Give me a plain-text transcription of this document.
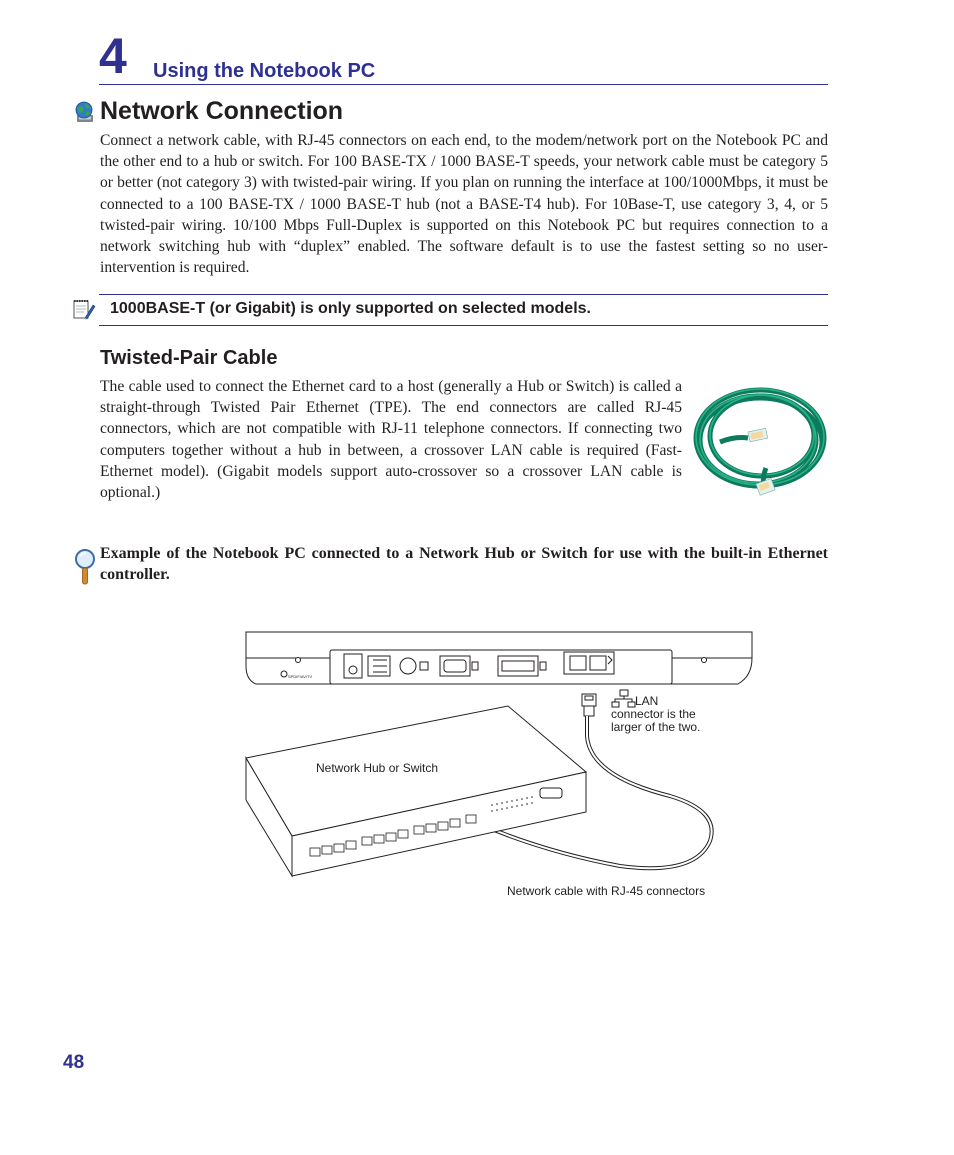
4 Using the Notebook PC
Network Connection
Connect a network cable, with RJ-45 connectors on each end, to the modem/network port on the Notebook PC and the other end to a hub or switch. For 100 BASE-TX / 1000 BASE-T speeds, your network cable must be category 5 or better (not category 3) with twisted-pair wiring. If you plan on running the interface at 100/1000Mbps, it must be connected to a 100 BASE-TX / 1000 BASE-T hub (not a BASE-T4 hub). For 10Base-T, use category 3, 4, or 5 twisted-pair wiring. 10/100 Mbps Full-Duplex is supported on this Notebook PC but requires connection to a network switching hub with “duplex” enabled. The software default is to use the fastest setting so no user-intervention is required.
1000BASE-T (or Gigabit) is only supported on selected models.
Twisted-Pair Cable
The cable used to connect the Ethernet card to a host (generally a Hub or Switch) is called a straight-through Twisted Pair Ethernet (TPE). The end connectors are called RJ-45 connectors, which are not compatible with RJ-11 telephone connectors. If connecting two computers together without a hub in between, a crossover LAN cable is required (Fast-Ethernet model). (Gigabit models support auto-crossover so a crossover LAN cable is optional.)
Example of the Notebook PC connected to a Network Hub or Switch for use with the built-in Ethernet controller.
SPDIF/AV/TV
LAN
connector is the
larger of the two.
Network Hub or Switch
Network cable with RJ-45 connectors
48
